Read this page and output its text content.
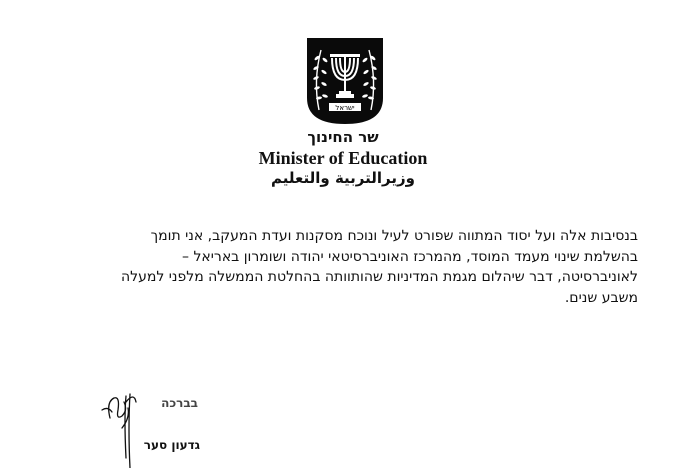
ישראל
שר החינוך
Minister of Education
وزيرالتربية والتعليم
בנסיבות אלה ועל יסוד המתווה שפורט לעיל ונוכח מסקנות ועדת המעקב, אני תומך
בהשלמת שינוי מעמד המוסד, מהמרכז האוניברסיטאי יהודה ושומרון באריאל –
לאוניברסיטה, דבר שיהלום מגמת המדיניות שהותוותה בהחלטת הממשלה מלפני למעלה
משבע שנים.
בברכה
גדעון סער
